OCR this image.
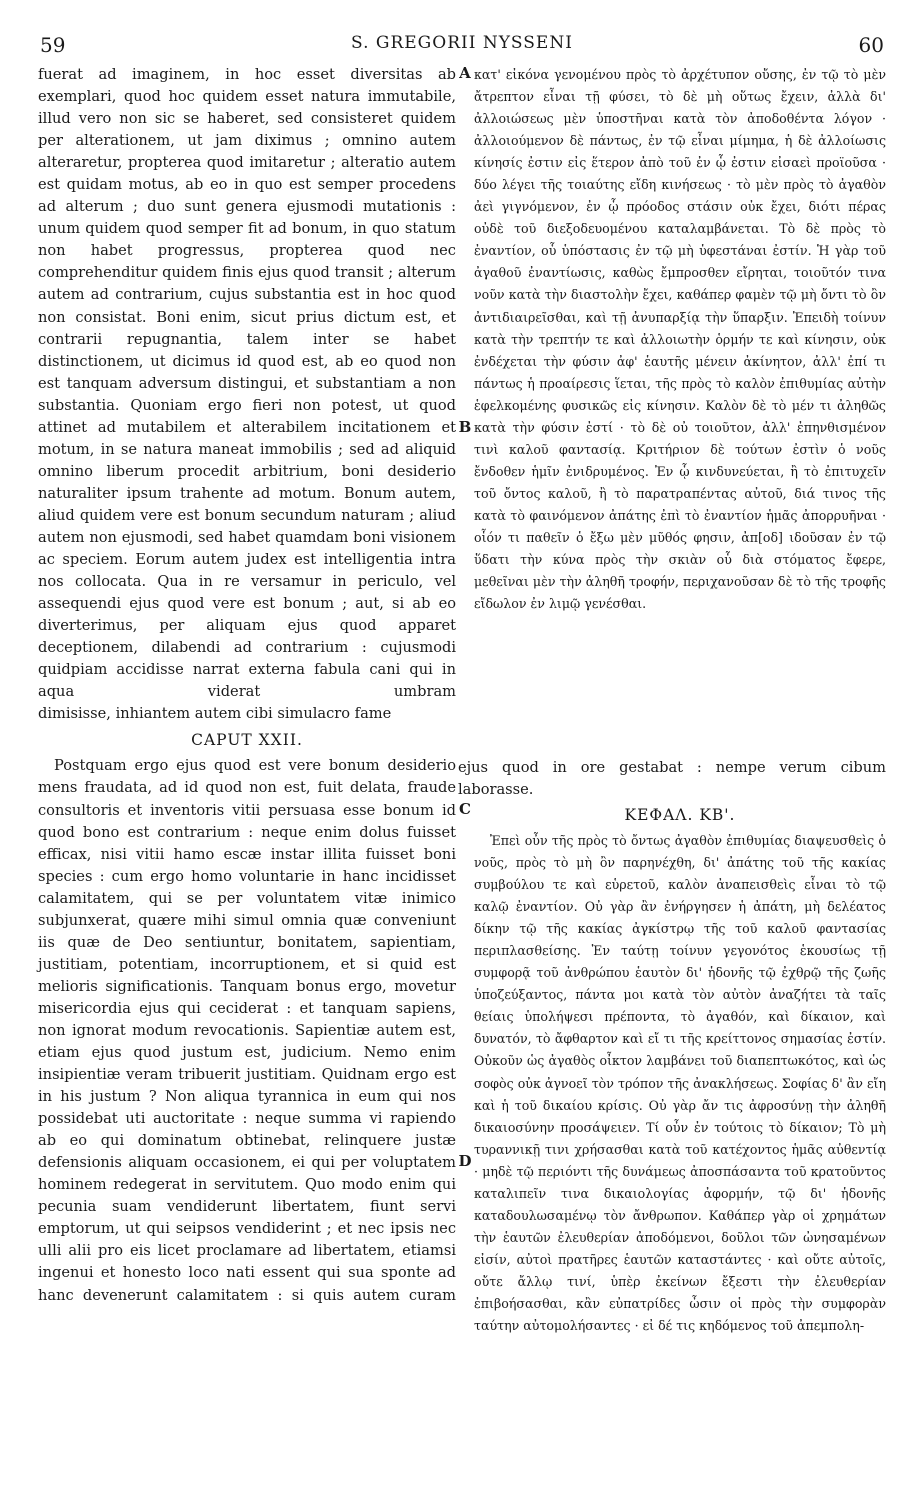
59	S. GREGORII NYSSENI	60
fuerat ad imaginem, in hoc esset diversitas ab exemplari, quod hoc quidem esset natura immutabile, illud vero non sic se haberet, sed consisteret quidem per alterationem, ut jam diximus ; omnino autem alteraretur, propterea quod imitaretur ; alteratio autem est quidam motus, ab eo in quo est semper procedens ad alterum ; duo sunt genera ejusmodi mutationis : unum quidem quod semper fit ad bonum, in quo statum non habet progressus, propterea quod nec comprehenditur quidem finis ejus quod transit ; alterum autem ad contrarium, cujus substantia est in hoc quod non consistat. Boni enim, sicut prius dictum est, et contrarii repugnantia, talem inter se habet distinctionem, ut dicimus id quod est, ab eo quod non est tanquam adversum distingui, et substantiam a non substantia. Quoniam ergo fieri non potest, ut quod attinet ad mutabilem et alterabilem incitationem et motum, in se natura maneat immobilis ; sed ad aliquid omnino liberum procedit arbitrium, boni desiderio naturaliter ipsum trahente ad motum. Bonum autem, aliud quidem vere est bonum secundum naturam ; aliud autem non ejusmodi, sed habet quamdam boni visionem ac speciem. Eorum autem judex est intelligentia intra nos collocata. Qua in re versamur in periculo, vel assequendi ejus quod vere est bonum ; aut, si ab eo diverterimus, per aliquam ejus quod apparet deceptionem, dilabendi ad contrarium : cujusmodi quidpiam accidisse narrat externa fabula cani qui in aqua viderat umbram
dimisisse, inhiantem autem cibi simulacro fame
CAPUT XXII.
Postquam ergo ejus quod est vere bonum desiderio mens fraudata, ad id quod non est, fuit delata, fraude consultoris et inventoris vitii persuasa esse bonum id quod bono est contrarium : neque enim dolus fuisset efficax, nisi vitii hamo escæ instar illita fuisset boni species : cum ergo homo voluntarie in hanc incidisset calamitatem, qui se per voluntatem vitæ inimico subjunxerat, quære mihi simul omnia quæ conveniunt iis quæ de Deo sentiuntur, bonitatem, sapientiam, justitiam, potentiam, incorruptionem, et si quid est melioris significationis. Tanquam bonus ergo, movetur misericordia ejus qui ceciderat : et tanquam sapiens, non ignorat modum revocationis. Sapientiæ autem est, etiam ejus quod justum est, judicium. Nemo enim insipientiæ veram tribuerit justitiam. Quidnam ergo est in his justum ? Non aliqua tyrannica in eum qui nos possidebat uti auctoritate : neque summa vi rapiendo ab eo qui dominatum obtinebat, relinquere justæ defensionis aliquam occasionem, ei qui per voluptatem hominem redegerat in servitutem. Quo modo enim qui pecunia suam vendiderunt libertatem, fiunt servi emptorum, ut qui seipsos vendiderint ; et nec ipsis nec ulli alii pro eis licet proclamare ad libertatem, etiamsi ingenui et honesto loco nati essent qui sua sponte ad hanc devenerunt calamitatem : si quis autem curam
A
B
C
D
κατ' εἰκόνα γενομένου πρὸς τὸ ἀρχέτυπον οὔσης, ἐν τῷ τὸ μὲν ἄτρεπτον εἶναι τῇ φύσει, τὸ δὲ μὴ οὕτως ἔχειν, ἀλλὰ δι' ἀλλοιώσεως μὲν ὑποστῆναι κατὰ τὸν ἀποδοθέντα λόγον · ἀλλοιούμενον δὲ πάντως, ἐν τῷ εἶναι μίμημα, ἡ δὲ ἀλλοίωσις κίνησίς ἐστιν εἰς ἕτερον ἀπὸ τοῦ ἐν ᾧ ἐστιν εἰσαεὶ προϊοῦσα · δύο λέγει τῆς τοιαύτης εἴδη κινήσεως · τὸ μὲν πρὸς τὸ ἀγαθὸν ἀεὶ γιγνόμενον, ἐν ᾧ πρόοδος στάσιν οὐκ ἔχει, διότι πέρας οὐδὲ τοῦ διεξοδευομένου καταλαμβάνεται. Τὸ δὲ πρὸς τὸ ἐναντίον, οὗ ὑπόστασις ἐν τῷ μὴ ὑφεστάναι ἐστίν. Ἡ γὰρ τοῦ ἀγαθοῦ ἐναντίωσις, καθὼς ἔμπροσθεν εἴρηται, τοιοῦτόν τινα νοῦν κατὰ τὴν διαστολὴν ἔχει, καθάπερ φαμὲν τῷ μὴ ὄντι τὸ ὂν ἀντιδιαιρεῖσθαι, καὶ τῇ ἀνυπαρξίᾳ τὴν ὕπαρξιν. Ἐπειδὴ τοίνυν κατὰ τὴν τρεπτήν τε καὶ ἀλλοιωτὴν ὁρμήν τε καὶ κίνησιν, οὐκ ἐνδέχεται τὴν φύσιν ἀφ' ἑαυτῆς μένειν ἀκίνητον, ἀλλ' ἐπί τι πάντως ἡ προαίρεσις ἵεται, τῆς πρὸς τὸ καλὸν ἐπιθυμίας αὐτὴν ἑφελκομένης φυσικῶς εἰς κίνησιν. Καλὸν δὲ τὸ μέν τι ἀληθῶς κατὰ τὴν φύσιν ἐστί · τὸ δὲ οὐ τοιοῦτον, ἀλλ' ἐπηνθισμένον τινὶ καλοῦ φαντασίᾳ. Κριτήριον δὲ τούτων ἐστὶν ὁ νοῦς ἔνδοθεν ἡμῖν ἐνιδρυμένος. Ἐν ᾧ κινδυνεύεται, ἢ τὸ ἐπιτυχεῖν τοῦ ὄντος καλοῦ, ἢ τὸ παρατραπέντας αὐτοῦ, διά τινος τῆς κατὰ τὸ φαινόμενον ἀπάτης ἐπὶ τὸ ἐναντίον ἡμᾶς ἀπορρυῆναι · οἷόν τι παθεῖν ὁ ἔξω μὲν μῦθός φησιν, ἀπ[οδ] ιδοῦσαν ἐν τῷ ὕδατι τὴν κύνα πρὸς τὴν σκιὰν οὗ διὰ στόματος ἔφερε, μεθεῖναι μὲν τὴν ἀληθῆ τροφήν, περιχανοῦσαν δὲ τὸ τῆς τροφῆς εἴδωλον ἐν λιμῷ γενέσθαι.
ejus quod in ore gestabat : nempe verum cibum laborasse.
ΚΕΦΑΛ. ΚΒ'.
Ἐπεὶ οὖν τῆς πρὸς τὸ ὄντως ἀγαθὸν ἐπιθυμίας διαψευσθεὶς ὁ νοῦς, πρὸς τὸ μὴ ὂν παρηνέχθη, δι' ἀπάτης τοῦ τῆς κακίας συμβούλου τε καὶ εὑρετοῦ, καλὸν ἀναπεισθεὶς εἶναι τὸ τῷ καλῷ ἐναντίον. Οὐ γὰρ ἂν ἐνήργησεν ἡ ἀπάτη, μὴ δελέατος δίκην τῷ τῆς κακίας ἀγκίστρῳ τῆς τοῦ καλοῦ φαντασίας περιπλασθείσης. Ἐν ταύτῃ τοίνυν γεγονότος ἑκουσίως τῇ συμφορᾷ τοῦ ἀνθρώπου ἑαυτὸν δι' ἡδονῆς τῷ ἐχθρῷ τῆς ζωῆς ὑποζεύξαντος, πάντα μοι κατὰ τὸν αὐτὸν ἀναζήτει τὰ ταῖς θείαις ὑπολήψεσι πρέποντα, τὸ ἀγαθόν, καὶ δίκαιον, καὶ δυνατόν, τὸ ἄφθαρτον καὶ εἴ τι τῆς κρείττονος σημασίας ἐστίν. Οὐκοῦν ὡς ἀγαθὸς οἶκτον λαμβάνει τοῦ διαπεπτωκότος, καὶ ὡς σοφὸς οὐκ ἀγνοεῖ τὸν τρόπον τῆς ἀνακλήσεως. Σοφίας δ' ἂν εἴη καὶ ἡ τοῦ δικαίου κρίσις. Οὐ γὰρ ἄν τις ἀφροσύνῃ τὴν ἀληθῆ δικαιοσύνην προσάψειεν. Τί οὖν ἐν τούτοις τὸ δίκαιον; Τὸ μὴ τυραννικῇ τινι χρήσασθαι κατὰ τοῦ κατέχοντος ἡμᾶς αὐθεντίᾳ · μηδὲ τῷ περιόντι τῆς δυνάμεως ἀποσπάσαντα τοῦ κρατοῦντος καταλιπεῖν τινα δικαιολογίας ἀφορμήν, τῷ δι' ἡδονῆς καταδουλωσαμένῳ τὸν ἄνθρωπον. Καθάπερ γὰρ οἱ χρημάτων τὴν ἑαυτῶν ἐλευθερίαν ἀποδόμενοι, δοῦλοι τῶν ὠνησαμένων εἰσίν, αὐτοὶ πρατῆρες ἑαυτῶν καταστάντες · καὶ οὔτε αὐτοῖς, οὔτε ἄλλῳ τινί, ὑπὲρ ἐκείνων ἔξεστι τὴν ἐλευθερίαν ἐπιβοήσασθαι, κἂν εὐπατρίδες ὦσιν οἱ πρὸς τὴν συμφορὰν ταύτην αὐτομολήσαντες · εἰ δέ τις κηδόμενος τοῦ ἀπεμπολη-
